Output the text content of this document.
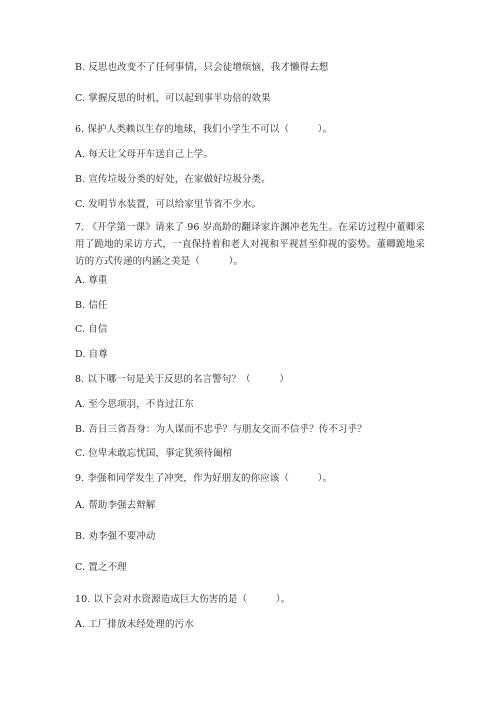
B. 反思也改变不了任何事情，只会徒增烦恼，我才懒得去想
C. 掌握反思的时机，可以起到事半功倍的效果
6. 保护人类赖以生存的地球，我们小学生不可以（　　　）。
A. 每天让父母开车送自己上学。
B. 宣传垃圾分类的好处，在家做好垃圾分类。
C. 发明节水装置，可以给家里节省不少水。
7. 《开学第一课》请来了 96 岁高龄的翻译家许渊冲老先生。在采访过程中董卿采用了跪地的采访方式，一直保持着和老人对视和平视甚至仰视的姿势。董卿跪地采访的方式传递的内涵之美是（　　　）。
A. 尊重
B. 信任
C. 自信
D. 自尊
8. 以下哪一句是关于反思的名言警句？（　　　）
A. 至今思项羽，不肯过江东
B. 吾日三省吾身：为人谋而不忠乎？与朋友交而不信乎？传不习乎？
C. 位卑未敢忘忧国，事定犹须待阖棺
9. 李强和同学发生了冲突，作为好朋友的你应该（　　　）。
A. 帮助李强去辩解
B. 劝李强不要冲动
C. 置之不理
10. 以下会对水资源造成巨大伤害的是（　　　）。
A. 工厂排放未经处理的污水
